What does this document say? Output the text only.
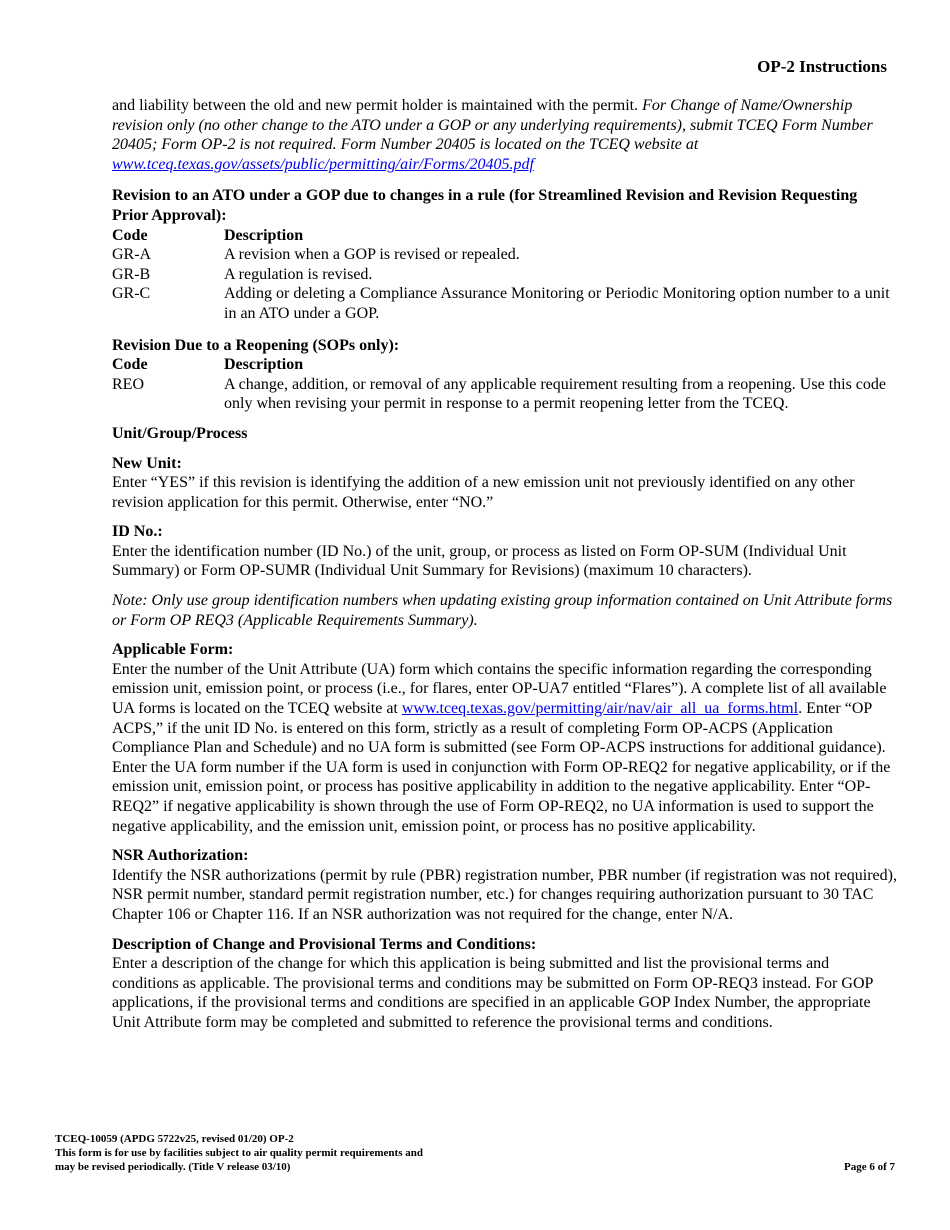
OP-2 Instructions

and liability between the old and new permit holder is maintained with the permit. For Change of Name/Ownership revision only (no other change to the ATO under a GOP or any underlying requirements), submit TCEQ Form Number 20405; Form OP-2 is not required. Form Number 20405 is located on the TCEQ website at www.tceq.texas.gov/assets/public/permitting/air/Forms/20405.pdf

Revision to an ATO under a GOP due to changes in a rule (for Streamlined Revision and Revision Requesting Prior Approval):

Code	Description
GR-A	A revision when a GOP is revised or repealed.
GR-B	A regulation is revised.
GR-C	Adding or deleting a Compliance Assurance Monitoring or Periodic Monitoring option number to a unit in an ATO under a GOP.

Revision Due to a Reopening (SOPs only):

Code	Description
REO	A change, addition, or removal of any applicable requirement resulting from a reopening. Use this code only when revising your permit in response to a permit reopening letter from the TCEQ.

Unit/Group/Process

New Unit:

Enter “YES” if this revision is identifying the addition of a new emission unit not previously identified on any other revision application for this permit. Otherwise, enter “NO.”

ID No.:

Enter the identification number (ID No.) of the unit, group, or process as listed on Form OP-SUM (Individual Unit Summary) or Form OP-SUMR (Individual Unit Summary for Revisions) (maximum 10 characters).

Note: Only use group identification numbers when updating existing group information contained on Unit Attribute forms or Form OP REQ3 (Applicable Requirements Summary).

Applicable Form:

Enter the number of the Unit Attribute (UA) form which contains the specific information regarding the corresponding emission unit, emission point, or process (i.e., for flares, enter OP-UA7 entitled “Flares”). A complete list of all available UA forms is located on the TCEQ website at www.tceq.texas.gov/permitting/air/nav/air_all_ua_forms.html. Enter “OP ACPS,” if the unit ID No. is entered on this form, strictly as a result of completing Form OP-ACPS (Application Compliance Plan and Schedule) and no UA form is submitted (see Form OP-ACPS instructions for additional guidance). Enter the UA form number if the UA form is used in conjunction with Form OP-REQ2 for negative applicability, or if the emission unit, emission point, or process has positive applicability in addition to the negative applicability. Enter “OP-REQ2” if negative applicability is shown through the use of Form OP-REQ2, no UA information is used to support the negative applicability, and the emission unit, emission point, or process has no positive applicability.

NSR Authorization:

Identify the NSR authorizations (permit by rule (PBR) registration number, PBR number (if registration was not required), NSR permit number, standard permit registration number, etc.) for changes requiring authorization pursuant to 30 TAC Chapter 106 or Chapter 116. If an NSR authorization was not required for the change, enter N/A.

Description of Change and Provisional Terms and Conditions:

Enter a description of the change for which this application is being submitted and list the provisional terms and conditions as applicable. The provisional terms and conditions may be submitted on Form OP-REQ3 instead. For GOP applications, if the provisional terms and conditions are specified in an applicable GOP Index Number, the appropriate Unit Attribute form may be completed and submitted to reference the provisional terms and conditions.

TCEQ-10059 (APDG 5722v25, revised 01/20) OP-2
This form is for use by facilities subject to air quality permit requirements and
may be revised periodically. (Title V release 03/10)	Page 6 of 7
